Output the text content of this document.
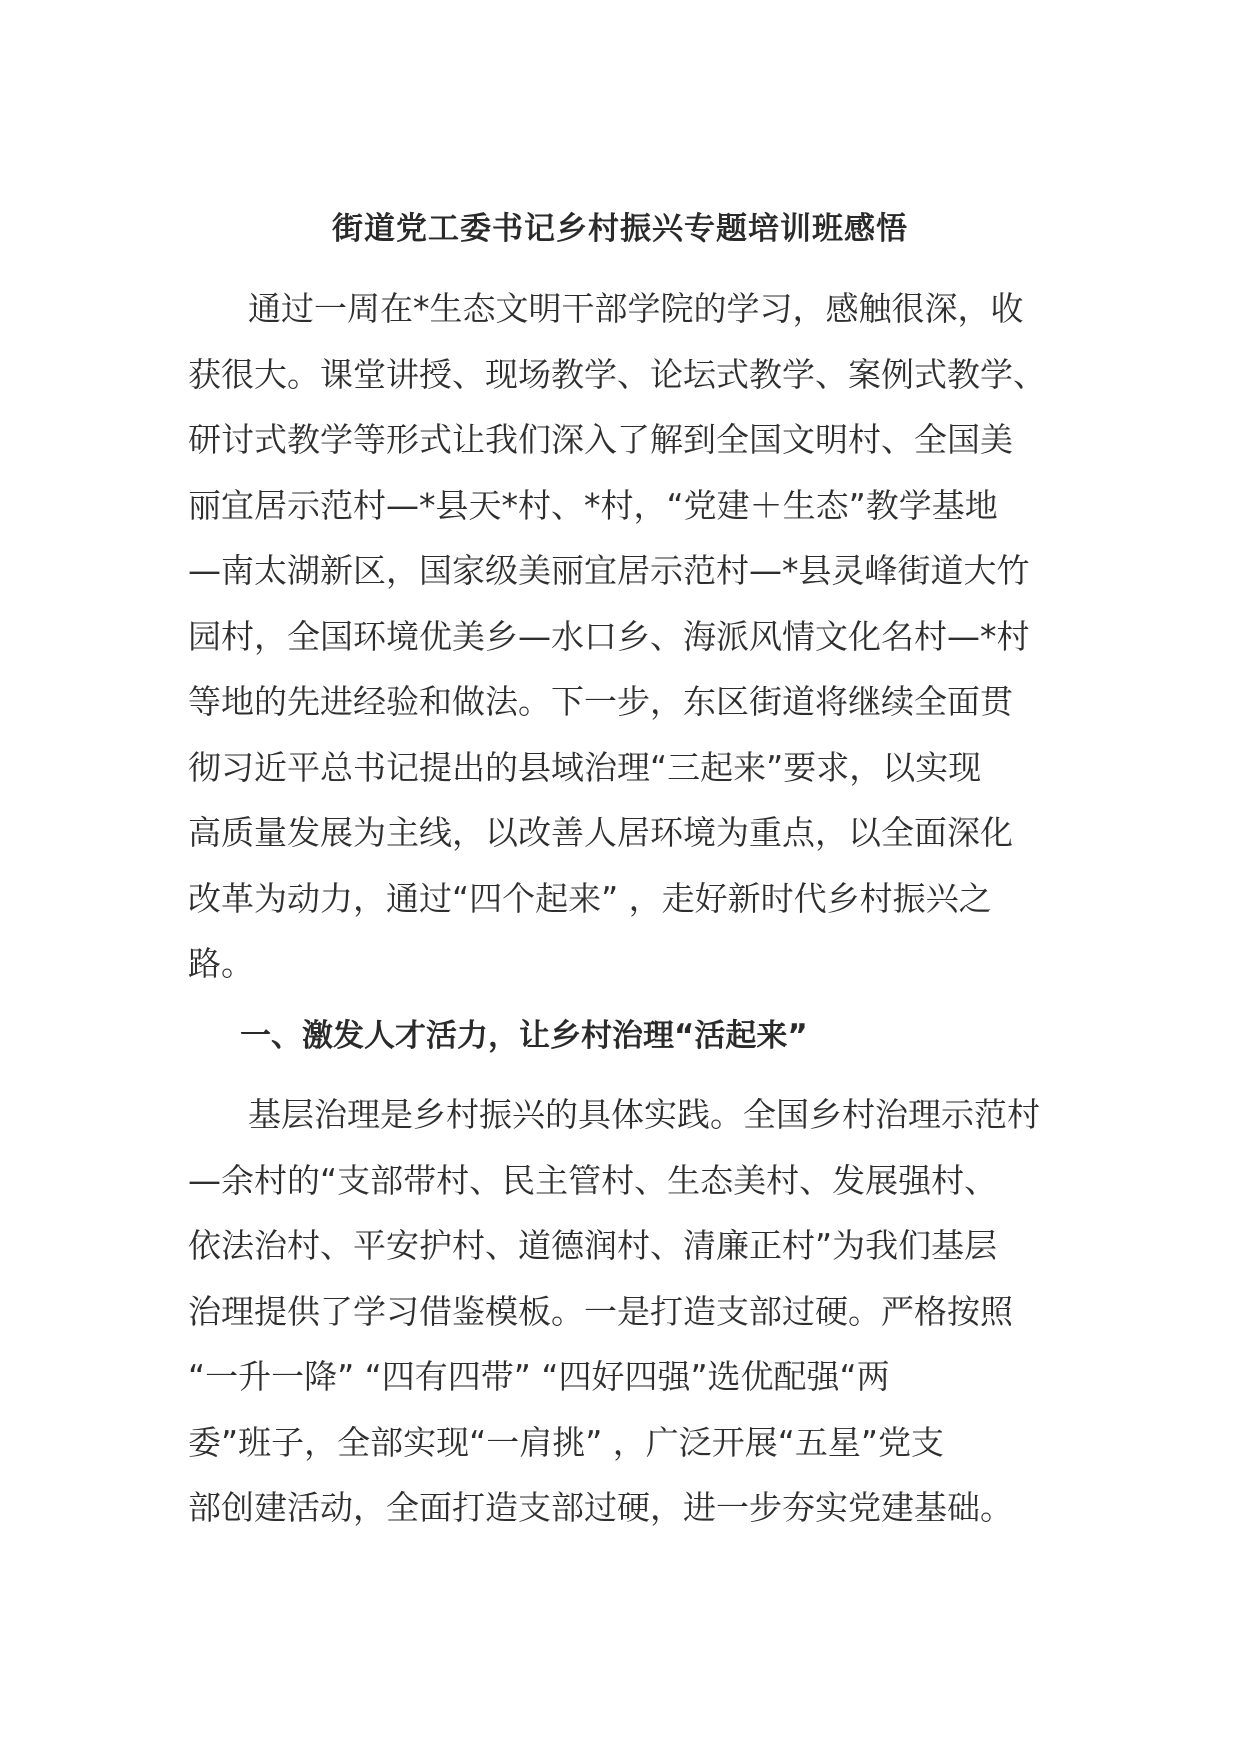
街道党工委书记乡村振兴专题培训班感悟
通过一周在*生态文明干部学院的学习，感触很深，收
获很大。课堂讲授、现场教学、论坛式教学、案例式教学、
研讨式教学等形式让我们深入了解到全国文明村、全国美
丽宜居示范村—*县天*村、*村，“党建＋生态”教学基地
—南太湖新区，国家级美丽宜居示范村—*县灵峰街道大竹
园村，全国环境优美乡—水口乡、海派风情文化名村—*村
等地的先进经验和做法。下一步，东区街道将继续全面贯
彻习近平总书记提出的县域治理“三起来”要求，以实现
高质量发展为主线，以改善人居环境为重点，以全面深化
改革为动力，通过“四个起来” ，走好新时代乡村振兴之
路。
一、激发人才活力，让乡村治理“活起来”
基层治理是乡村振兴的具体实践。全国乡村治理示范村
—余村的“支部带村、民主管村、生态美村、发展强村、
依法治村、平安护村、道德润村、清廉正村”为我们基层
治理提供了学习借鉴模板。一是打造支部过硬。严格按照
“一升一降” “四有四带” “四好四强”选优配强“两
委”班子，全部实现“一肩挑” ，广泛开展“五星”党支
部创建活动，全面打造支部过硬，进一步夯实党建基础。
